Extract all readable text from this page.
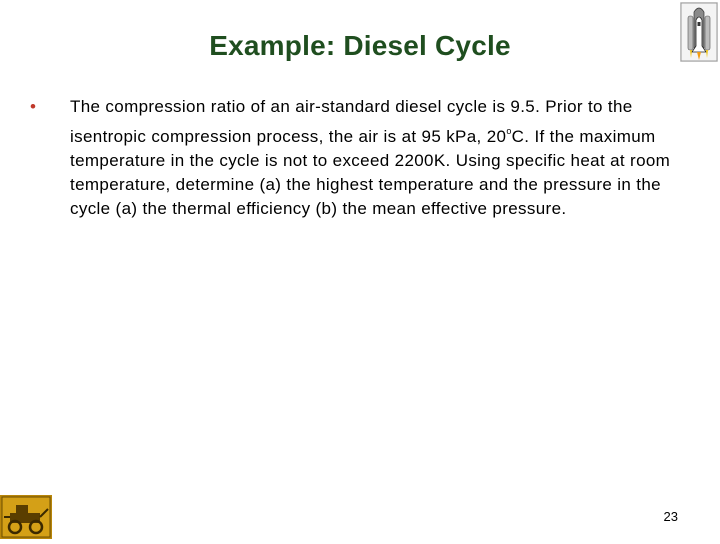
Example: Diesel Cycle
• The compression ratio of an air-standard diesel cycle is 9.5. Prior to the isentropic compression process, the air is at 95 kPa, 20$^o$C. If the maximum temperature in the cycle is not to exceed 2200K. Using specific heat at room temperature, determine (a) the highest temperature and the pressure in the cycle (a) the thermal efficiency (b) the mean effective pressure.
23
